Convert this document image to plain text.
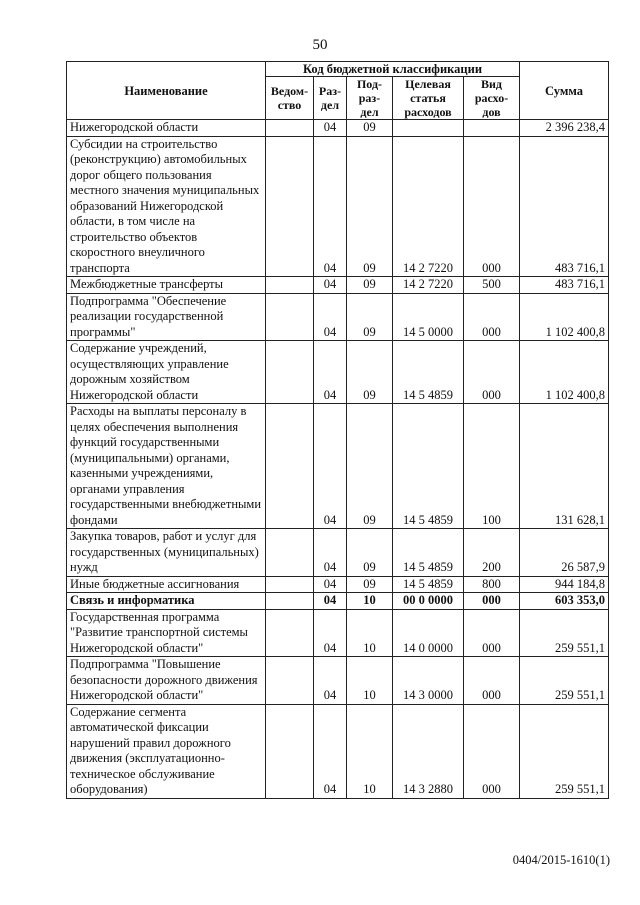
50
Наименование	Код бюджетной классификации					Сумма
	Ведом-ство	Раз-дел	Под-раз-дел	Целевая статья расходов	Вид расхо-дов	
Нижегородской области		04	09			2 396 238,4
Субсидии на строительство (реконструкцию) автомобильных дорог общего пользования местного значения муниципальных образований Нижегородской области, в том числе на строительство объектов скоростного внеуличного транспорта		04	09	14 2 7220	000	483 716,1
Межбюджетные трансферты		04	09	14 2 7220	500	483 716,1
Подпрограмма "Обеспечение реализации государственной программы"		04	09	14 5 0000	000	1 102 400,8
Содержание учреждений, осуществляющих управление дорожным хозяйством Нижегородской области		04	09	14 5 4859	000	1 102 400,8
Расходы на выплаты персоналу в целях обеспечения выполнения функций государственными (муниципальными) органами, казенными учреждениями, органами управления государственными внебюджетными фондами		04	09	14 5 4859	100	131 628,1
Закупка товаров, работ и услуг для государственных (муниципальных) нужд		04	09	14 5 4859	200	26 587,9
Иные бюджетные ассигнования		04	09	14 5 4859	800	944 184,8
Связь и информатика		04	10	00 0 0000	000	603 353,0
Государственная программа "Развитие транспортной системы Нижегородской области"		04	10	14 0 0000	000	259 551,1
Подпрограмма "Повышение безопасности дорожного движения Нижегородской области"		04	10	14 3 0000	000	259 551,1
Содержание сегмента автоматической фиксации нарушений правил дорожного движения (эксплуатационно-техническое обслуживание оборудования)		04	10	14 3 2880	000	259 551,1
0404/2015-1610(1)
